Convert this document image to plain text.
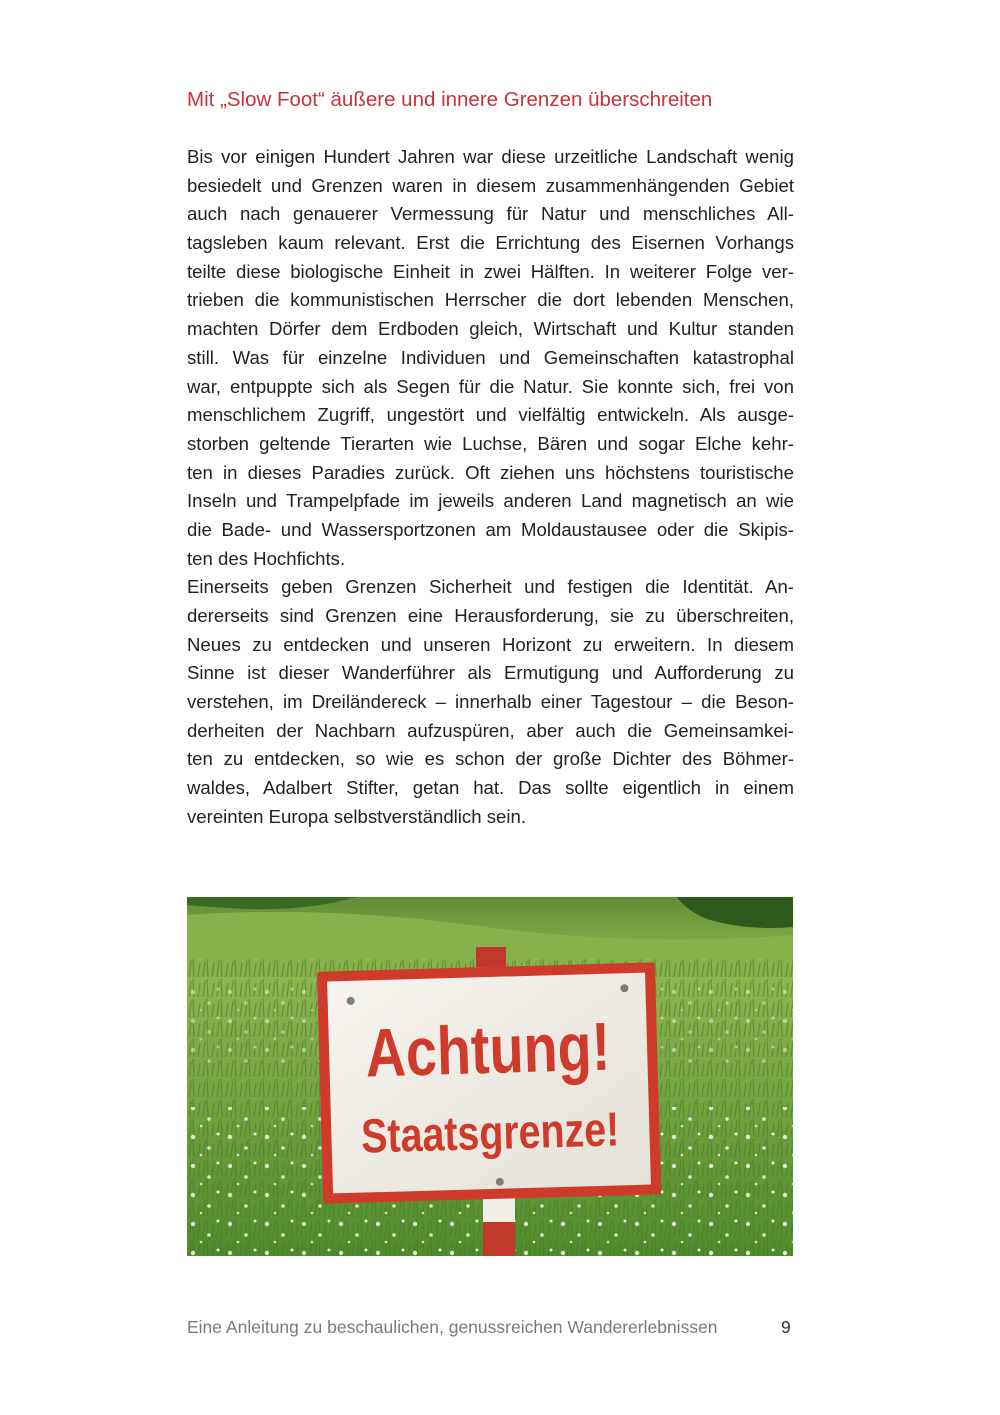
Mit „Slow Foot“ äußere und innere Grenzen überschreiten
Bis vor einigen Hundert Jahren war diese urzeitliche Landschaft wenig
besiedelt und Grenzen waren in diesem zusammenhängenden Gebiet
auch nach genauerer Vermessung für Natur und menschliches All-
tagsleben kaum relevant. Erst die Errichtung des Eisernen Vorhangs
teilte diese biologische Einheit in zwei Hälften. In weiterer Folge ver-
trieben die kommunistischen Herrscher die dort lebenden Menschen,
machten Dörfer dem Erdboden gleich, Wirtschaft und Kultur standen
still. Was für einzelne Individuen und Gemeinschaften katastrophal
war, entpuppte sich als Segen für die Natur. Sie konnte sich, frei von
menschlichem Zugriff, ungestört und vielfältig entwickeln. Als ausge-
storben geltende Tierarten wie Luchse, Bären und sogar Elche kehr-
ten in dieses Paradies zurück. Oft ziehen uns höchstens touristische
Inseln und Trampelpfade im jeweils anderen Land magnetisch an wie
die Bade- und Wassersportzonen am Moldaustausee oder die Skipis-
ten des Hochfichts.
Einerseits geben Grenzen Sicherheit und festigen die Identität. An-
dererseits sind Grenzen eine Herausforderung, sie zu überschreiten,
Neues zu entdecken und unseren Horizont zu erweitern. In diesem
Sinne ist dieser Wanderführer als Ermutigung und Aufforderung zu
verstehen, im Dreiländereck – innerhalb einer Tagestour – die Beson-
derheiten der Nachbarn aufzuspüren, aber auch die Gemeinsamkei-
ten zu entdecken, so wie es schon der große Dichter des Böhmer-
waldes, Adalbert Stifter, getan hat. Das sollte eigentlich in einem
vereinten Europa selbstverständlich sein.
Achtung!
Staatsgrenze!
Eine Anleitung zu beschaulichen, genussreichen Wandererlebnissen	9
